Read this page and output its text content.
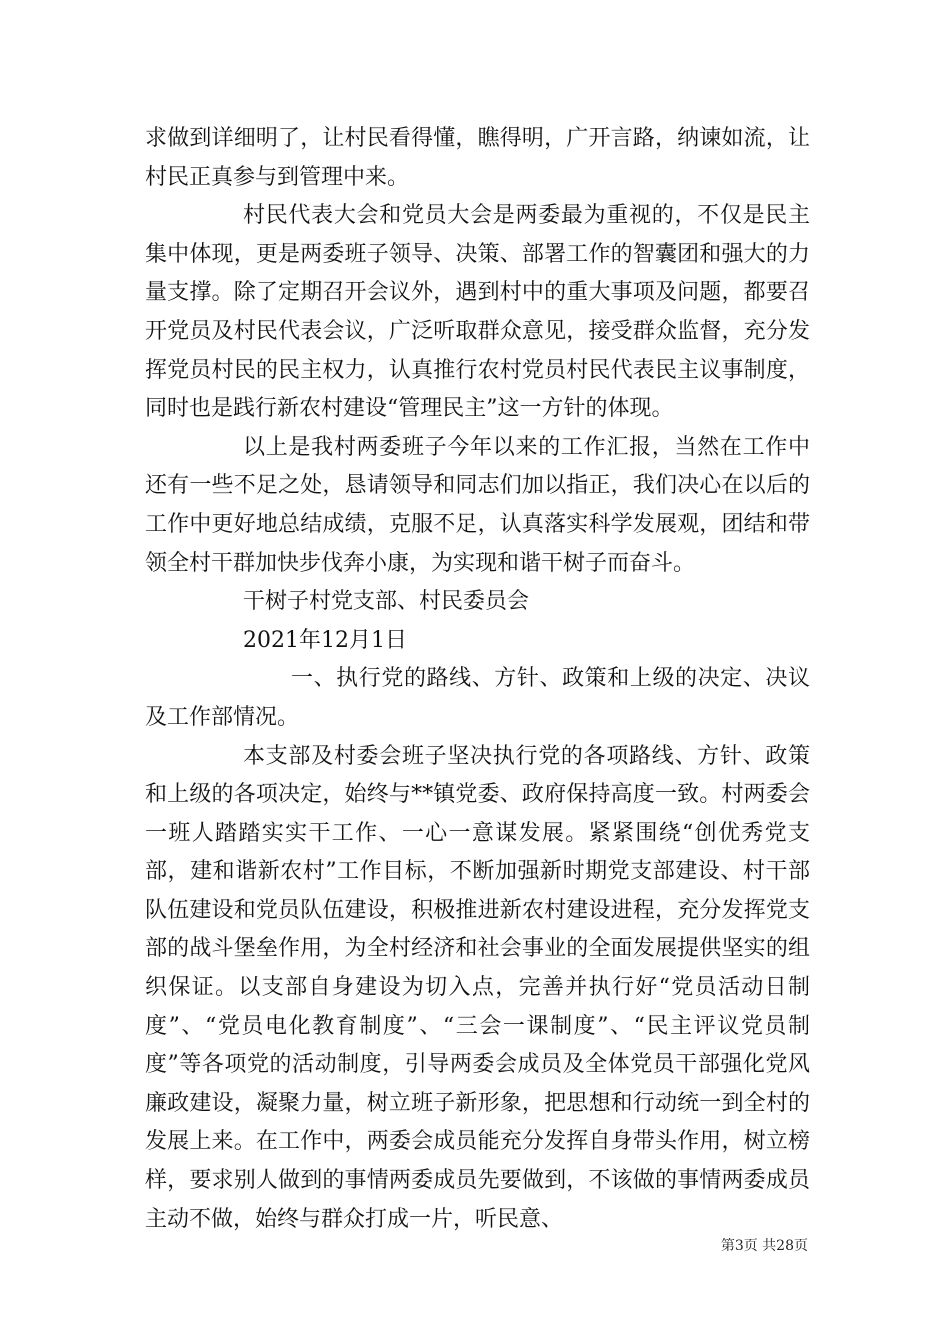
求做到详细明了，让村民看得懂，瞧得明，广开言路，纳谏如流，让村民正真参与到管理中来。

村民代表大会和党员大会是两委最为重视的，不仅是民主集中体现，更是两委班子领导、决策、部署工作的智囊团和强大的力量支撑。除了定期召开会议外，遇到村中的重大事项及问题，都要召开党员及村民代表会议，广泛听取群众意见，接受群众监督，充分发挥党员村民的民主权力，认真推行农村党员村民代表民主议事制度，同时也是践行新农村建设“管理民主”这一方针的体现。

以上是我村两委班子今年以来的工作汇报，当然在工作中还有一些不足之处，恳请领导和同志们加以指正，我们决心在以后的工作中更好地总结成绩，克服不足，认真落实科学发展观，团结和带领全村干群加快步伐奔小康，为实现和谐干树子而奋斗。

干树子村党支部、村民委员会

2021年12月1日

一、执行党的路线、方针、政策和上级的决定、决议及工作部情况。

本支部及村委会班子坚决执行党的各项路线、方针、政策和上级的各项决定，始终与**镇党委、政府保持高度一致。村两委会一班人踏踏实实干工作、一心一意谋发展。紧紧围绕“创优秀党支部，建和谐新农村”工作目标，不断加强新时期党支部建设、村干部队伍建设和党员队伍建设，积极推进新农村建设进程，充分发挥党支部的战斗堡垒作用，为全村经济和社会事业的全面发展提供坚实的组织保证。以支部自身建设为切入点，完善并执行好“党员活动日制度”、“党员电化教育制度”、“三会一课制度”、“民主评议党员制度”等各项党的活动制度，引导两委会成员及全体党员干部强化党风廉政建设，凝聚力量，树立班子新形象，把思想和行动统一到全村的发展上来。在工作中，两委会成员能充分发挥自身带头作用，树立榜样，要求别人做到的事情两委成员先要做到，不该做的事情两委成员主动不做，始终与群众打成一片，听民意、

第3页 共28页
